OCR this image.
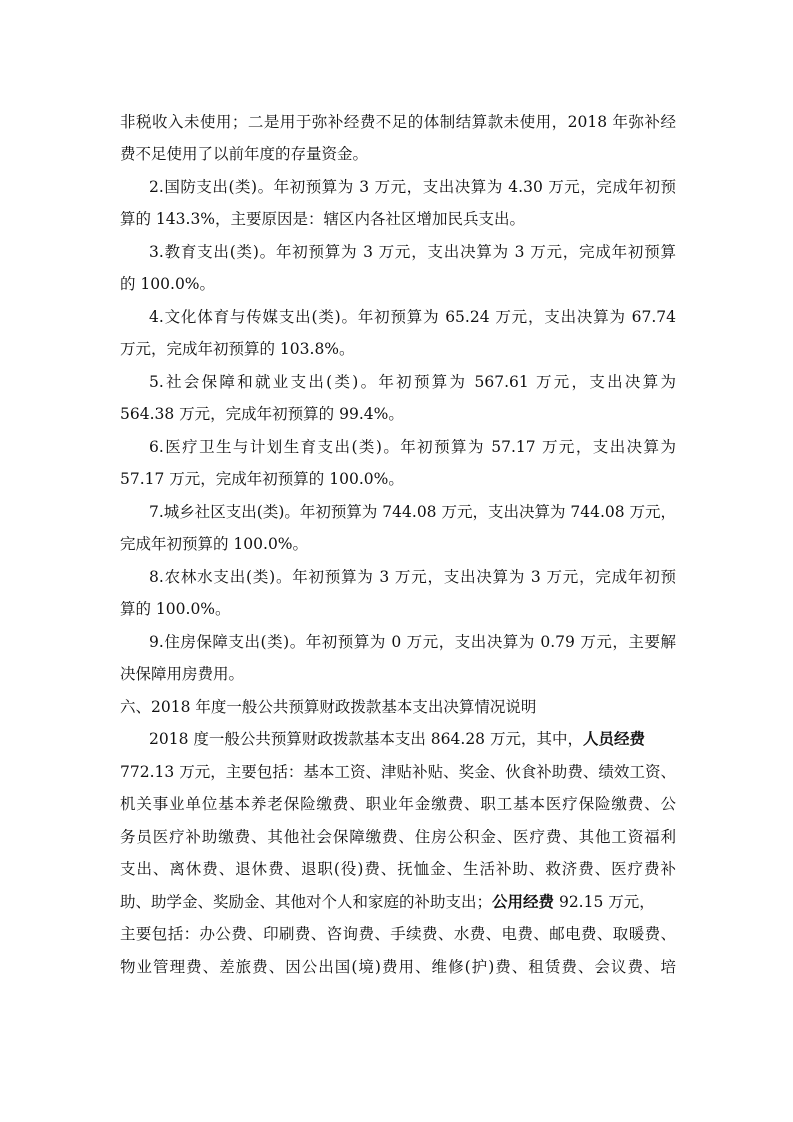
非税收入未使用；二是用于弥补经费不足的体制结算款未使用，2018 年弥补经
费不足使用了以前年度的存量资金。
2.国防支出(类)。年初预算为 3 万元，支出决算为 4.30 万元，完成年初预
算的 143.3%，主要原因是：辖区内各社区增加民兵支出。
3.教育支出(类)。年初预算为 3 万元，支出决算为 3 万元，完成年初预算
的 100.0%。
4.文化体育与传媒支出(类)。年初预算为 65.24 万元，支出决算为 67.74
万元，完成年初预算的 103.8%。
5.社会保障和就业支出(类)。年初预算为 567.61 万元，支出决算为
564.38 万元，完成年初预算的 99.4%。
6.医疗卫生与计划生育支出(类)。年初预算为 57.17 万元，支出决算为
57.17 万元，完成年初预算的 100.0%。
7.城乡社区支出(类)。年初预算为 744.08 万元，支出决算为 744.08 万元，
完成年初预算的 100.0%。
8.农林水支出(类)。年初预算为 3 万元，支出决算为 3 万元，完成年初预
算的 100.0%。
9.住房保障支出(类)。年初预算为 0 万元，支出决算为 0.79 万元，主要解
决保障用房费用。
六、2018 年度一般公共预算财政拨款基本支出决算情况说明
2018 度一般公共预算财政拨款基本支出 864.28 万元，其中，人员经费
772.13 万元，主要包括：基本工资、津贴补贴、奖金、伙食补助费、绩效工资、
机关事业单位基本养老保险缴费、职业年金缴费、职工基本医疗保险缴费、公
务员医疗补助缴费、其他社会保障缴费、住房公积金、医疗费、其他工资福利
支出、离休费、退休费、退职(役)费、抚恤金、生活补助、救济费、医疗费补
助、助学金、奖励金、其他对个人和家庭的补助支出；公用经费 92.15 万元，
主要包括：办公费、印刷费、咨询费、手续费、水费、电费、邮电费、取暖费、
物业管理费、差旅费、因公出国(境)费用、维修(护)费、租赁费、会议费、培
